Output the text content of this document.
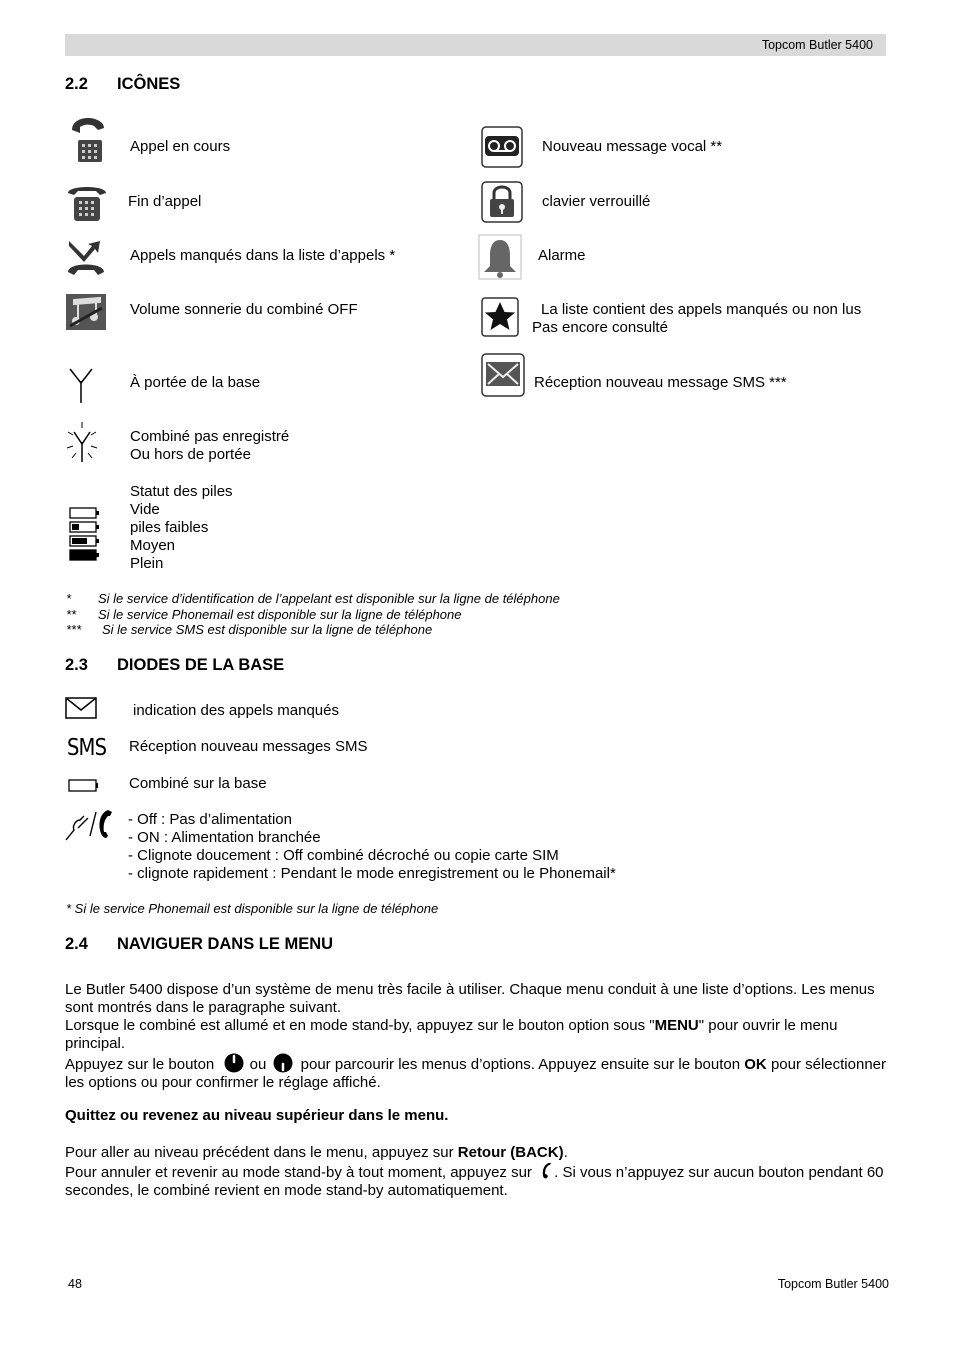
Topcom Butler 5400
2.2 ICÔNES
Appel en cours
Fin d’appel
Appels manqués dans la liste d’appels *
Volume sonnerie du combiné OFF
À portée de la base
Combiné pas enregistré
Ou hors de portée
Statut des piles
Vide
piles faibles
Moyen
Plein
Nouveau message vocal **
clavier verrouillé
Alarme
La liste contient des appels manqués ou non lus
Pas encore consulté
Réception nouveau message SMS ***
* Si le service d’identification de l’appelant est disponible sur la ligne de téléphone
** Si le service Phonemail est disponible sur la ligne de téléphone
*** Si le service SMS est disponible sur la ligne de téléphone
2.3 DIODES DE LA BASE
indication des appels manqués
SMS Réception nouveau messages SMS
Combiné sur la base
- Off : Pas d’alimentation
- ON : Alimentation branchée
- Clignote doucement : Off combiné décroché ou copie carte SIM
- clignote rapidement : Pendant le mode enregistrement ou le Phonemail*
* Si le service Phonemail est disponible sur la ligne de téléphone
2.4 NAVIGUER DANS LE MENU
Le Butler 5400 dispose d’un système de menu très facile à utiliser. Chaque menu conduit à une liste d’options. Les menus sont montrés dans le paragraphe suivant.
Lorsque le combiné est allumé et en mode stand-by, appuyez sur le bouton option sous "MENU" pour ouvrir le menu principal.
Appuyez sur le bouton ou pour parcourir les menus d’options. Appuyez ensuite sur le bouton OK pour sélectionner les options ou pour confirmer le réglage affiché.
Quittez ou revenez au niveau supérieur dans le menu.
Pour aller au niveau précédent dans le menu, appuyez sur Retour (BACK).
Pour annuler et revenir au mode stand-by à tout moment, appuyez sur . Si vous n’appuyez sur aucun bouton pendant 60 secondes, le combiné revient en mode stand-by automatiquement.
48	Topcom Butler 5400
